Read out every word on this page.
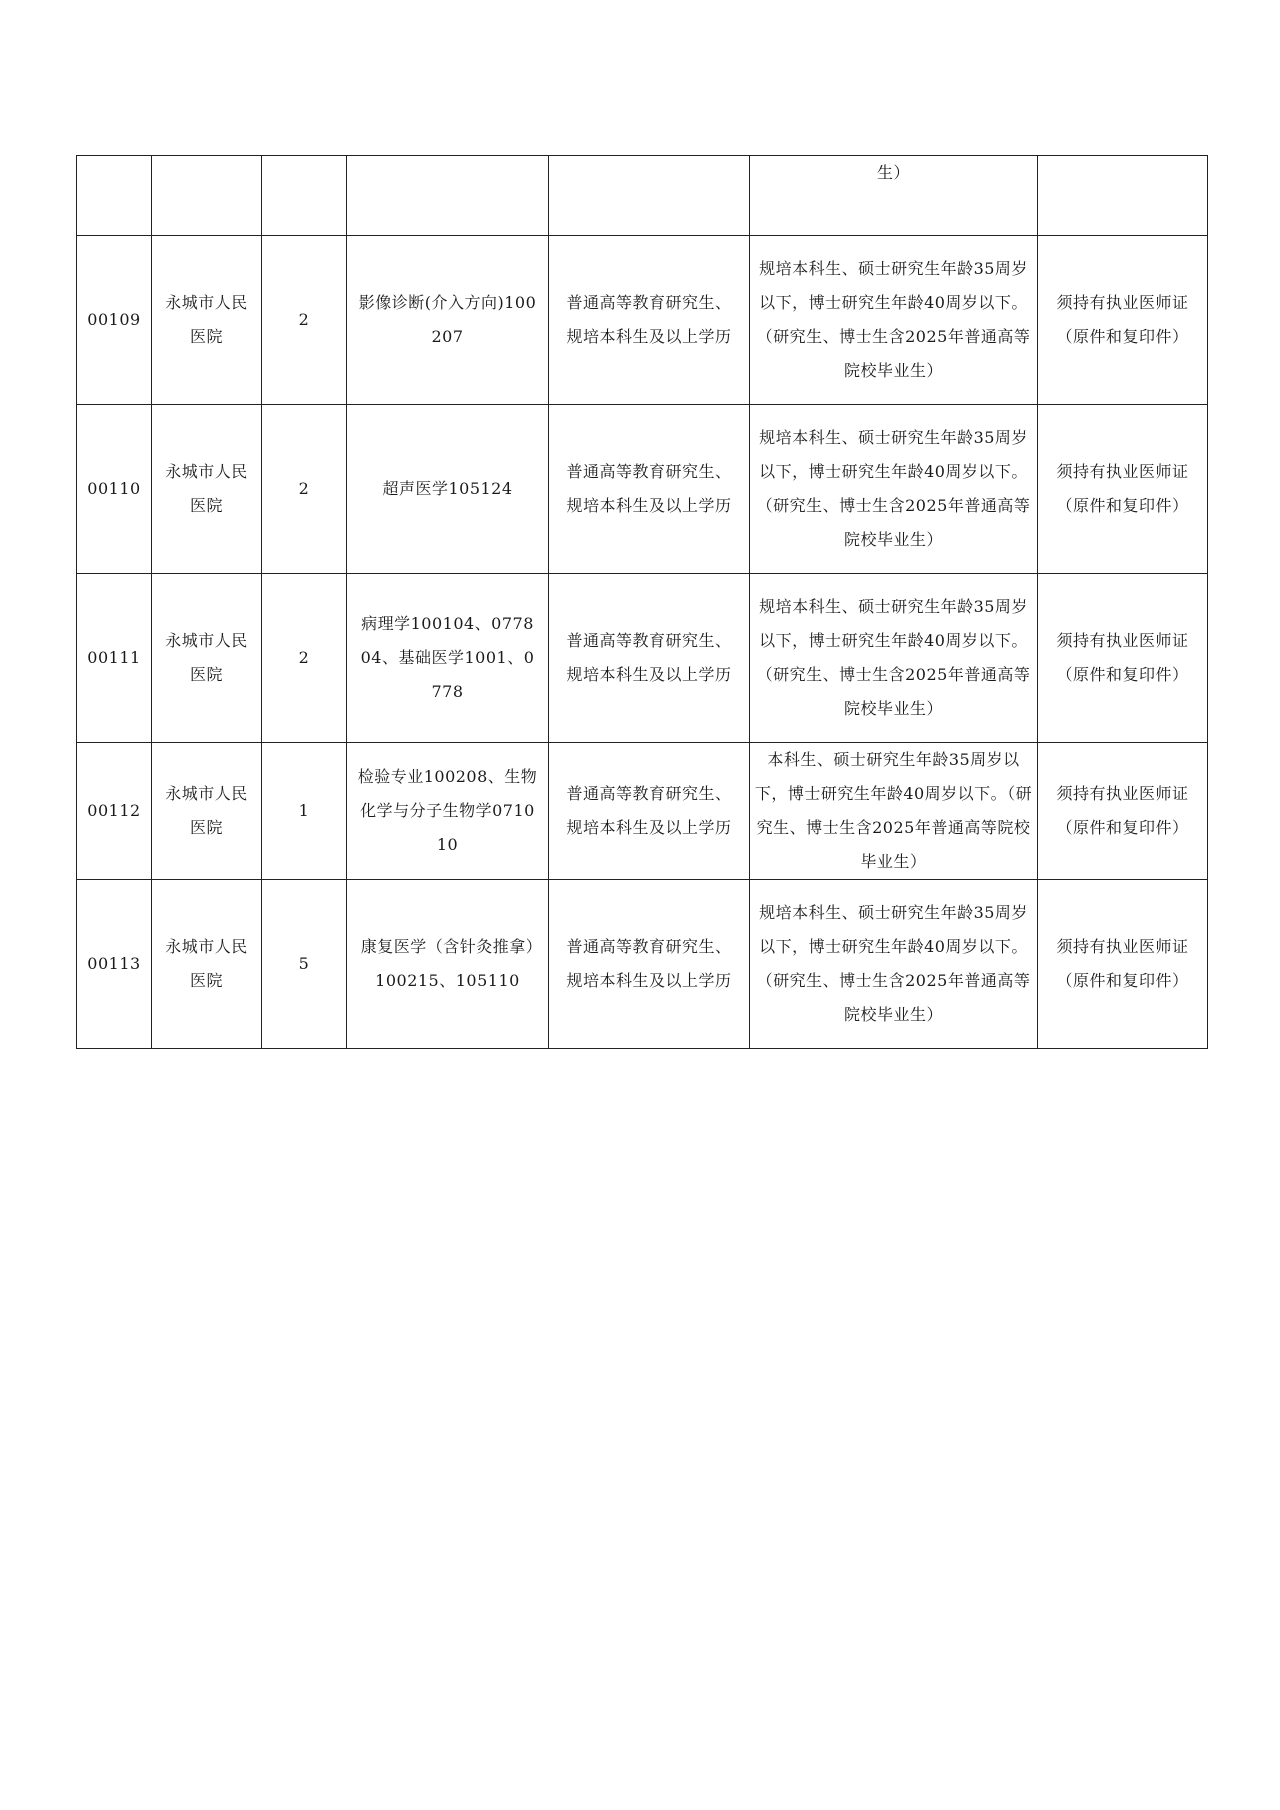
					生）	

00109	永城市人民医院	2	影像诊断(介入方向)100207	普通高等教育研究生、规培本科生及以上学历	规培本科生、硕士研究生年龄35周岁以下，博士研究生年龄40周岁以下。（研究生、博士生含2025年普通高等院校毕业生）	须持有执业医师证（原件和复印件）
00110	永城市人民医院	2	超声医学105124	普通高等教育研究生、规培本科生及以上学历	规培本科生、硕士研究生年龄35周岁以下，博士研究生年龄40周岁以下。（研究生、博士生含2025年普通高等院校毕业生）	须持有执业医师证（原件和复印件）
00111	永城市人民医院	2	病理学100104、077804、基础医学1001、0778	普通高等教育研究生、规培本科生及以上学历	规培本科生、硕士研究生年龄35周岁以下，博士研究生年龄40周岁以下。（研究生、博士生含2025年普通高等院校毕业生）	须持有执业医师证（原件和复印件）
00112	永城市人民医院	1	检验专业100208、生物化学与分子生物学071010	普通高等教育研究生、规培本科生及以上学历	本科生、硕士研究生年龄35周岁以下，博士研究生年龄40周岁以下。（研究生、博士生含2025年普通高等院校毕业生）	须持有执业医师证（原件和复印件）
00113	永城市人民医院	5	康复医学（含针灸推拿）100215、105110	普通高等教育研究生、规培本科生及以上学历	规培本科生、硕士研究生年龄35周岁以下，博士研究生年龄40周岁以下。（研究生、博士生含2025年普通高等院校毕业生）	须持有执业医师证（原件和复印件）
